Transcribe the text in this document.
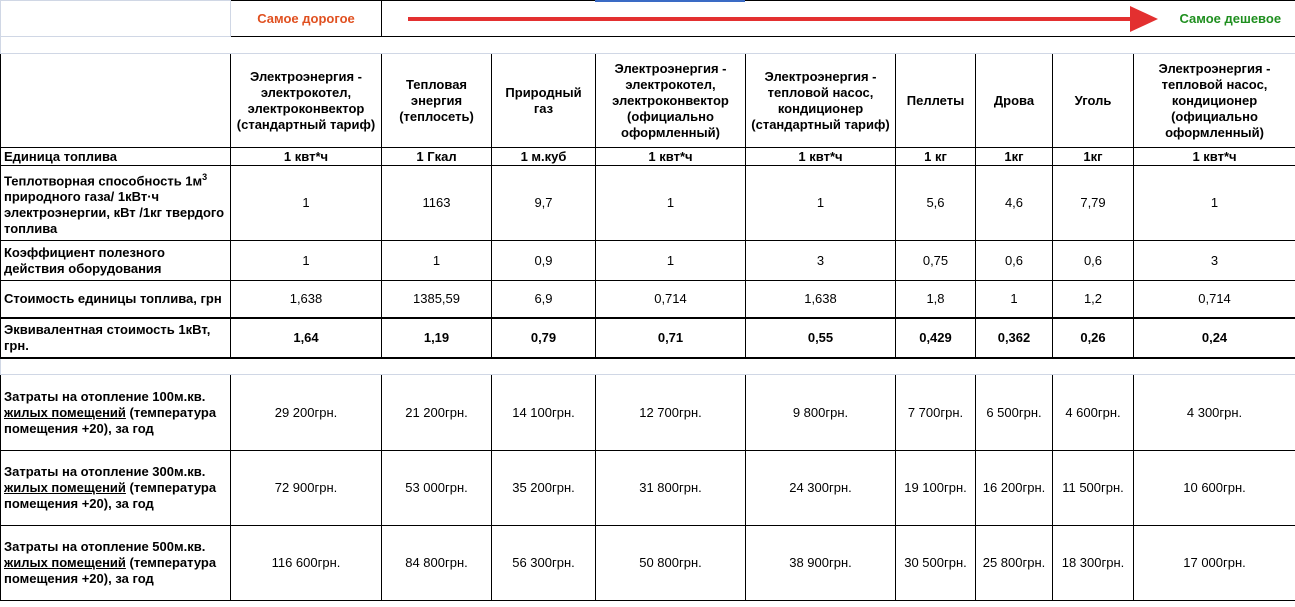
	Самое дорогое	Самое дешевое							

	Электроэнергия - электрокотел, электроконвектор (стандартный тариф)	Тепловая энергия (теплосеть)	Природный газ	Электроэнергия - электрокотел, электроконвектор (официально оформленный)	Электроэнергия - тепловой насос, кондиционер (стандартный тариф)	Пеллеты	Дрова	Уголь	Электроэнергия - тепловой насос, кондиционер (официально оформленный)
Единица топлива	1 квт*ч	1 Гкал	1 м.куб	1 квт*ч	1 квт*ч	1 кг	1кг	1кг	1 квт*ч
Теплотворная способность $1м^3$ природного газа/ 1кВт·ч электроэнергии, кВт /1кг твердого топлива	1	1163	9,7	1	1	5,6	4,6	7,79	1
Коэффициент полезного действия оборудования	1	1	0,9	1	3	0,75	0,6	0,6	3
Стоимость единицы топлива, грн	1,638	1385,59	6,9	0,714	1,638	1,8	1	1,2	0,714
Эквивалентная стоимость 1кВт, грн.	1,64	1,19	0,79	0,71	0,55	0,429	0,362	0,26	0,24

Затраты на отопление 100м.кв. жилых помещений (температура помещения +20), за год	29 200грн.	21 200грн.	14 100грн.	12 700грн.	9 800грн.	7 700грн.	6 500грн.	4 600грн.	4 300грн.
Затраты на отопление 300м.кв. жилых помещений (температура помещения +20), за год	72 900грн.	53 000грн.	35 200грн.	31 800грн.	24 300грн.	19 100грн.	16 200грн.	11 500грн.	10 600грн.
Затраты на отопление 500м.кв. жилых помещений (температура помещения +20), за год	116 600грн.	84 800грн.	56 300грн.	50 800грн.	38 900грн.	30 500грн.	25 800грн.	18 300грн.	17 000грн.
